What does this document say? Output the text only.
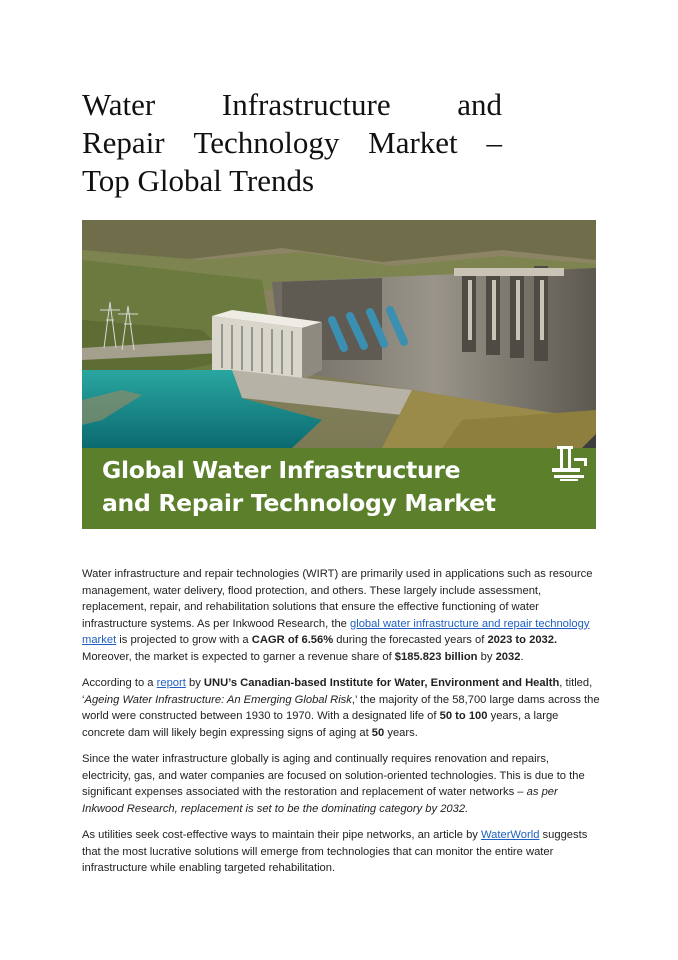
Water Infrastructure and
Repair Technology Market –
Top Global Trends
Global Water Infrastructure
and Repair Technology Market

Water infrastructure and repair technologies (WIRT) are primarily used in applications such as resource management, water delivery, flood protection, and others. These largely include assessment, replacement, repair, and rehabilitation solutions that ensure the effective functioning of water infrastructure systems. As per Inkwood Research, the global water infrastructure and repair technology market is projected to grow with a CAGR of 6.56% during the forecasted years of 2023 to 2032. Moreover, the market is expected to garner a revenue share of $185.823 billion by 2032.

According to a report by UNU’s Canadian-based Institute for Water, Environment and Health, titled, ‘Ageing Water Infrastructure: An Emerging Global Risk,’ the majority of the 58,700 large dams across the world were constructed between 1930 to 1970. With a designated life of 50 to 100 years, a large concrete dam will likely begin expressing signs of aging at 50 years.

Since the water infrastructure globally is aging and continually requires renovation and repairs, electricity, gas, and water companies are focused on solution-oriented technologies. This is due to the significant expenses associated with the restoration and replacement of water networks – as per Inkwood Research, replacement is set to be the dominating category by 2032.

As utilities seek cost-effective ways to maintain their pipe networks, an article by WaterWorld suggests that the most lucrative solutions will emerge from technologies that can monitor the entire water infrastructure while enabling targeted rehabilitation.
